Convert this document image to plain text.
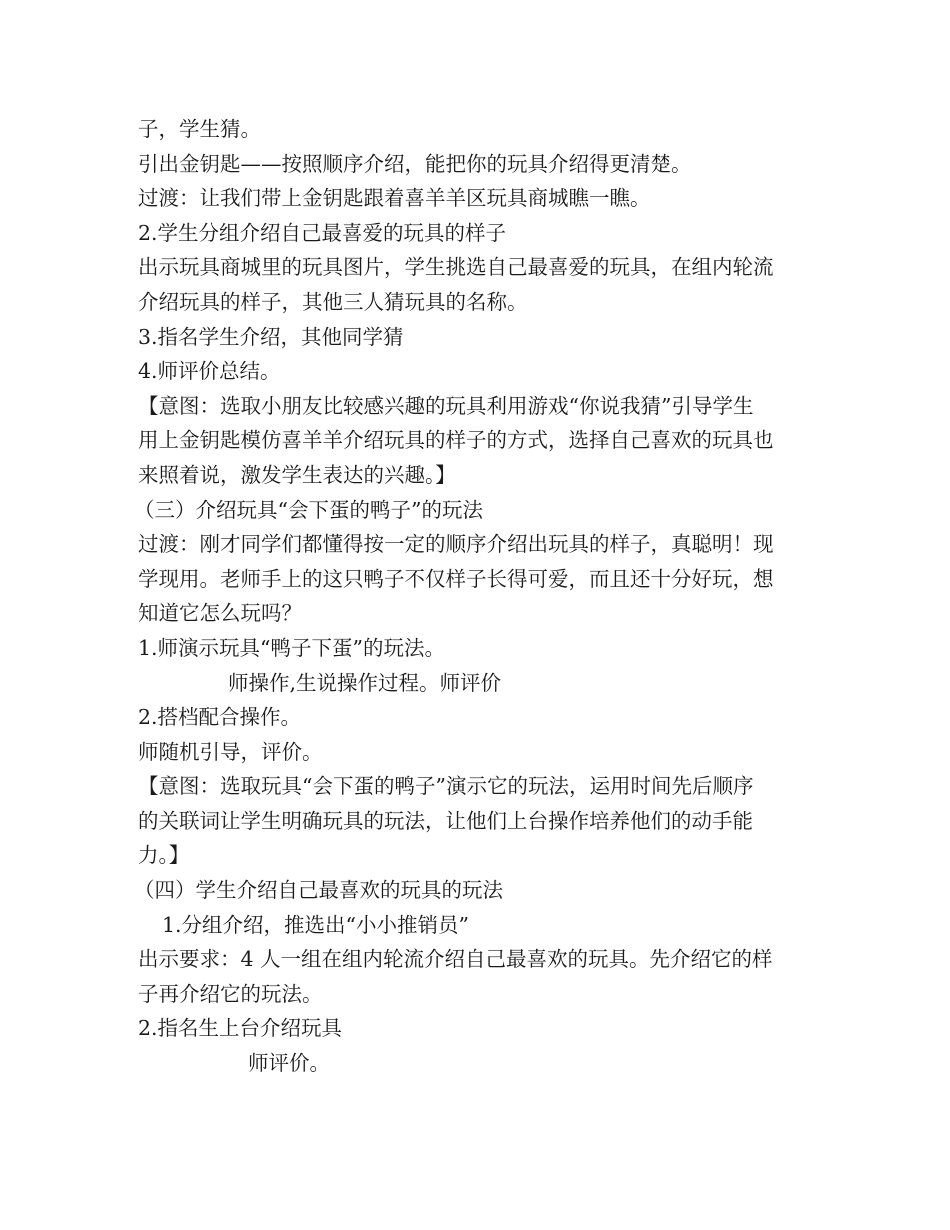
子，学生猜。
引出金钥匙——按照顺序介绍，能把你的玩具介绍得更清楚。
过渡：让我们带上金钥匙跟着喜羊羊区玩具商城瞧一瞧。
2.学生分组介绍自己最喜爱的玩具的样子
出示玩具商城里的玩具图片，学生挑选自己最喜爱的玩具，在组内轮流
介绍玩具的样子，其他三人猜玩具的名称。
3.指名学生介绍，其他同学猜
4.师评价总结。
【意图：选取小朋友比较感兴趣的玩具利用游戏“你说我猜”引导学生
用上金钥匙模仿喜羊羊介绍玩具的样子的方式，选择自己喜欢的玩具也
来照着说，激发学生表达的兴趣。】
（三）介绍玩具“会下蛋的鸭子”的玩法
过渡：刚才同学们都懂得按一定的顺序介绍出玩具的样子，真聪明！现
学现用。老师手上的这只鸭子不仅样子长得可爱，而且还十分好玩，想
知道它怎么玩吗？
1.师演示玩具“鸭子下蛋”的玩法。
师操作,生说操作过程。师评价
2.搭档配合操作。
师随机引导，评价。
【意图：选取玩具“会下蛋的鸭子”演示它的玩法，运用时间先后顺序
的关联词让学生明确玩具的玩法，让他们上台操作培养他们的动手能
力。】
（四）学生介绍自己最喜欢的玩具的玩法
1.分组介绍，推选出“小小推销员”
出示要求：4 人一组在组内轮流介绍自己最喜欢的玩具。先介绍它的样
子再介绍它的玩法。
2.指名生上台介绍玩具
师评价。
